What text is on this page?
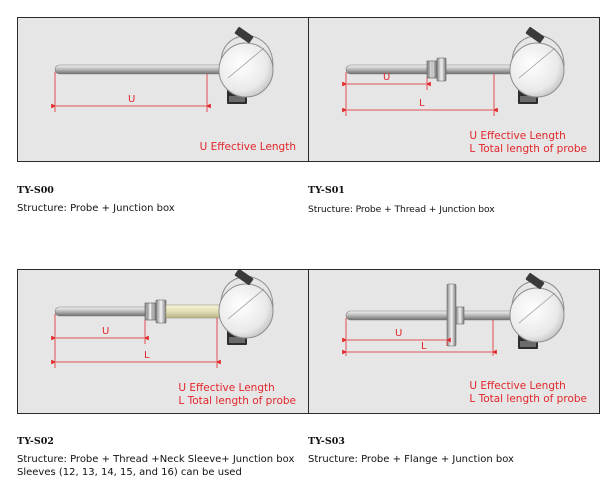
U
U Effective Length
TY-S00
Structure: Probe + Junction box
U
L
U Effective Length
L Total length of probe
TY-S01
Structure: Probe + Thread + Junction box
U
L
U Effective Length
L Total length of probe
TY-S02
Structure: Probe + Thread +Neck Sleeve+ Junction box
Sleeves (12, 13, 14, 15, and 16) can be used
U
L
U Effective Length
L Total length of probe
TY-S03
Structure: Probe + Flange + Junction box
